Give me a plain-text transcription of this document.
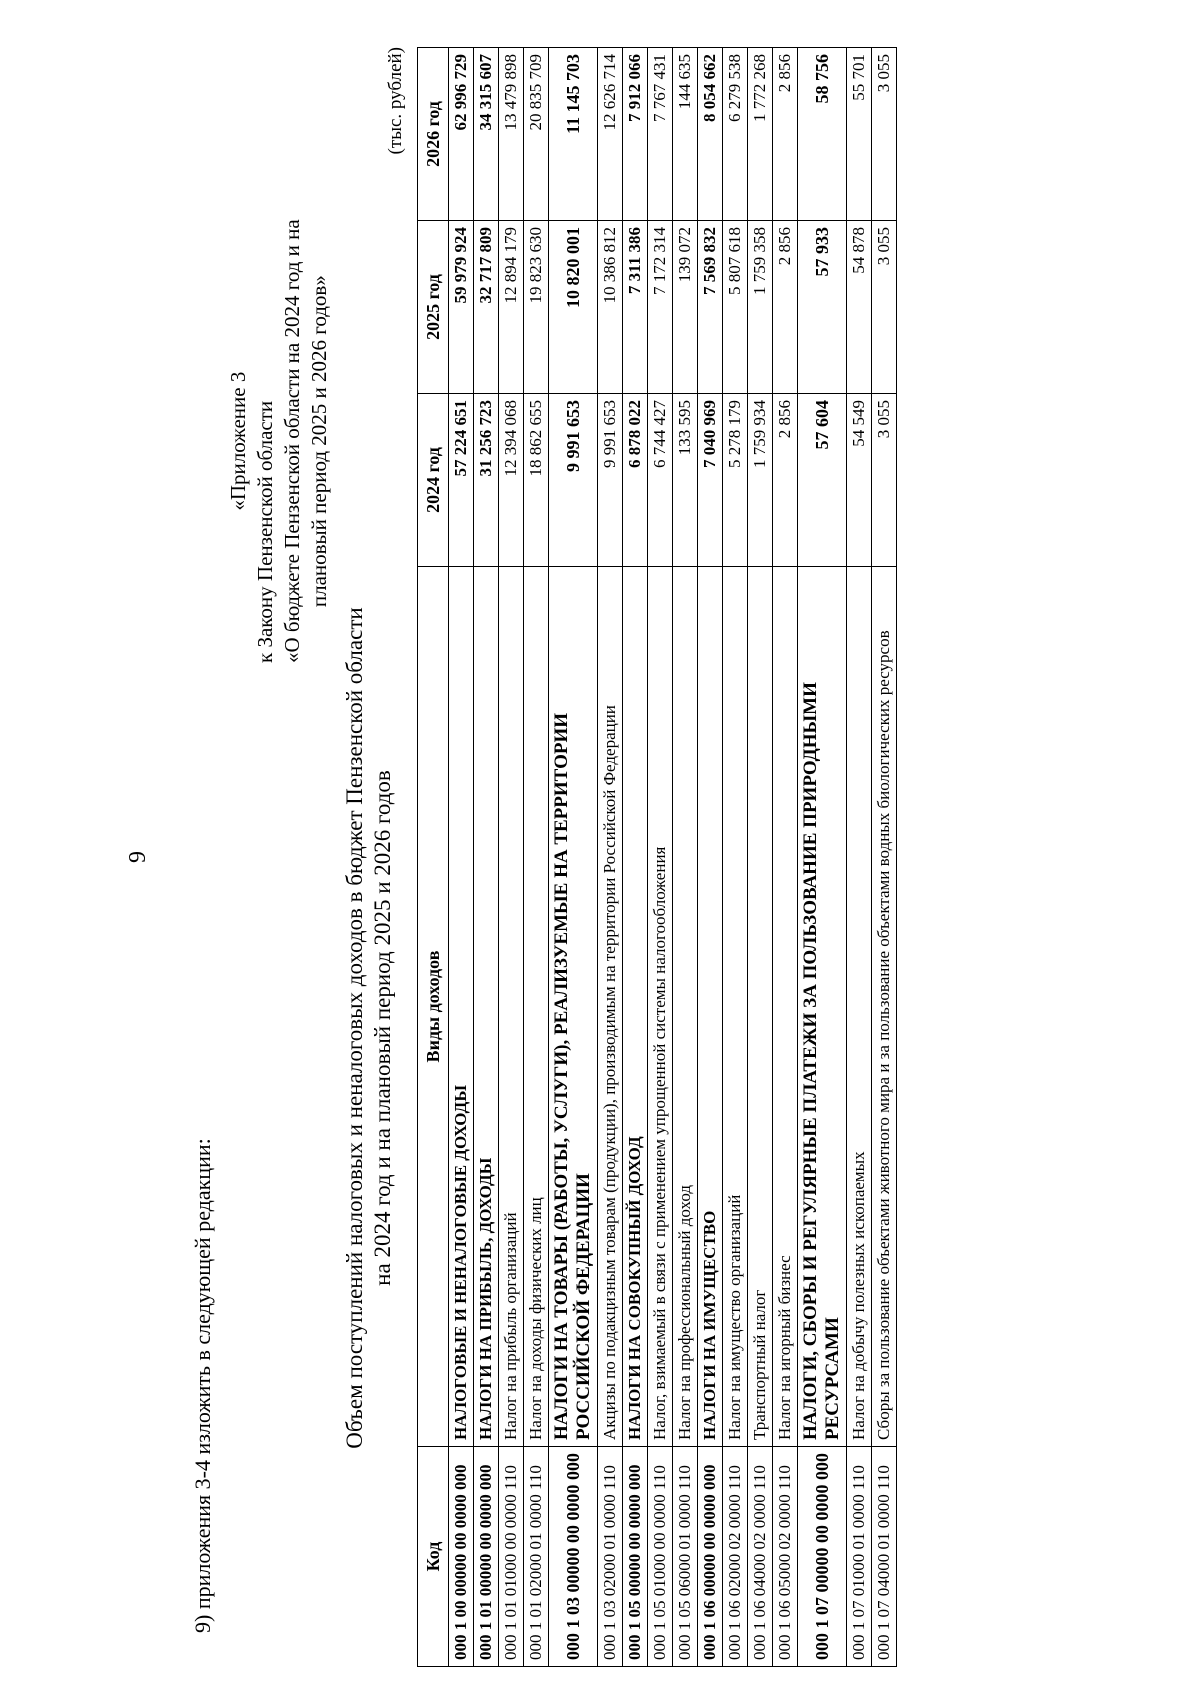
9
9) приложения 3-4 изложить в следующей редакции:
«Приложение 3 к Закону Пензенской области «О бюджете Пензенской области на 2024 год и на плановый период 2025 и 2026 годов»
Объем поступлений налоговых и неналоговых доходов в бюджет Пензенской области на 2024 год и на плановый период 2025 и 2026 годов
(тыс. рублей)
Код	Виды доходов	2024 год	2025 год	2026 год
000 1 00 00000 00 0000 000	НАЛОГОВЫЕ И НЕНАЛОГОВЫЕ ДОХОДЫ	57 224 651	59 979 924	62 996 729
000 1 01 00000 00 0000 000	НАЛОГИ НА ПРИБЫЛЬ, ДОХОДЫ	31 256 723	32 717 809	34 315 607
000 1 01 01000 00 0000 110	Налог на прибыль организаций	12 394 068	12 894 179	13 479 898
000 1 01 02000 01 0000 110	Налог на доходы физических лиц	18 862 655	19 823 630	20 835 709
000 1 03 00000 00 0000 000	НАЛОГИ НА ТОВАРЫ (РАБОТЫ, УСЛУГИ), РЕАЛИЗУЕМЫЕ НА ТЕРРИТОРИИ РОССИЙСКОЙ ФЕДЕРАЦИИ	9 991 653	10 820 001	11 145 703
000 1 03 02000 01 0000 110	Акцизы по подакцизным товарам (продукции), производимым на территории Российской Федерации	9 991 653	10 386 812	12 626 714
000 1 05 00000 00 0000 000	НАЛОГИ НА СОВОКУПНЫЙ ДОХОД	6 878 022	7 311 386	7 912 066
000 1 05 01000 00 0000 110	Налог, взимаемый в связи с применением упрощенной системы налогообложения	6 744 427	7 172 314	7 767 431
000 1 05 06000 01 0000 110	Налог на профессиональный доход	133 595	139 072	144 635
000 1 06 00000 00 0000 000	НАЛОГИ НА ИМУЩЕСТВО	7 040 969	7 569 832	8 054 662
000 1 06 02000 02 0000 110	Налог на имущество организаций	5 278 179	5 807 618	6 279 538
000 1 06 04000 02 0000 110	Транспортный налог	1 759 934	1 759 358	1 772 268
000 1 06 05000 02 0000 110	Налог на игорный бизнес	2 856	2 856	2 856
000 1 07 00000 00 0000 000	НАЛОГИ, СБОРЫ И РЕГУЛЯРНЫЕ ПЛАТЕЖИ ЗА ПОЛЬЗОВАНИЕ ПРИРОДНЫМИ РЕСУРСАМИ	57 604	57 933	58 756
000 1 07 01000 01 0000 110	Налог на добычу полезных ископаемых	54 549	54 878	55 701
000 1 07 04000 01 0000 110	Сборы за пользование объектами животного мира и за пользование объектами водных биологических ресурсов	3 055	3 055	3 055
